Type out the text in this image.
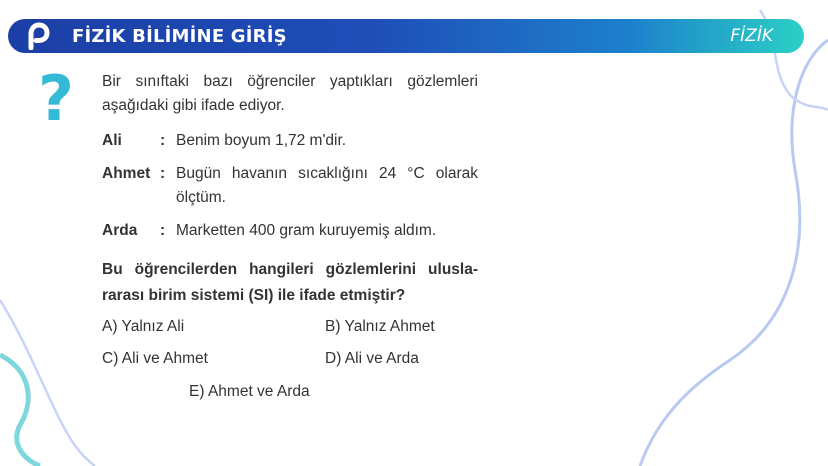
FİZİK BİLİMİNE GİRİŞ	FİZİK
? Bir sınıftaki bazı öğrenciler yaptıkları gözlemleri
aşağıdaki gibi ifade ediyor.
Ali : Benim boyum 1,72 m'dir.
Ahmet : Bugün havanın sıcaklığını 24 °C olarak
ölçtüm.
Arda : Marketten 400 gram kuruyemiş aldım.
Bu öğrencilerden hangileri gözlemlerini ulusla-
rarası birim sistemi (SI) ile ifade etmiştir?
A) Yalnız Ali	B) Yalnız Ahmet
C) Ali ve Ahmet	D) Ali ve Arda
E) Ahmet ve Arda
